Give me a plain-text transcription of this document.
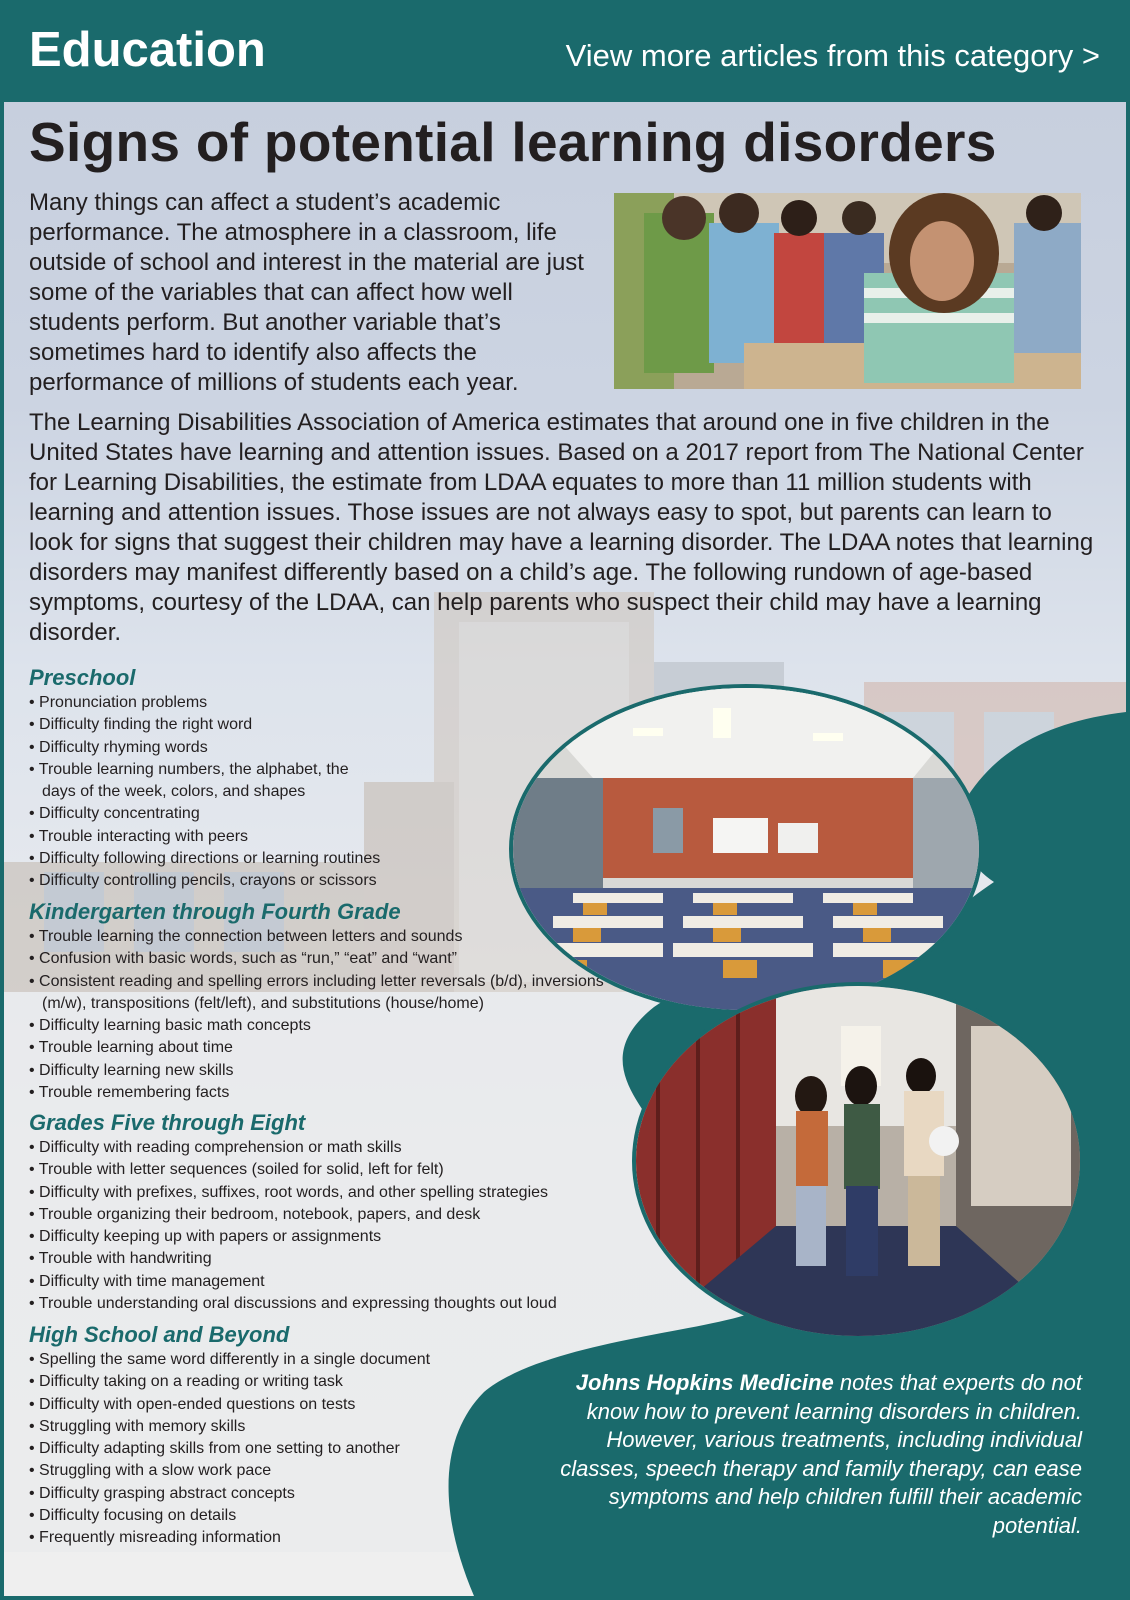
Education	View more articles from this category >
Signs of potential learning disorders

Many things can affect a student’s academic performance. The atmosphere in a classroom, life outside of school and interest in the material are just some of the variables that can affect how well students perform. But another variable that’s sometimes hard to identify also affects the performance of millions of students each year.

The Learning Disabilities Association of America estimates that around one in five children in the United States have learning and attention issues. Based on a 2017 report from The National Center for Learning Disabilities, the estimate from LDAA equates to more than 11 million students with learning and attention issues. Those issues are not always easy to spot, but parents can learn to look for signs that suggest their children may have a learning disorder. The LDAA notes that learning disorders may manifest differently based on a child’s age. The following rundown of age-based symptoms, courtesy of the LDAA, can help parents who suspect their child may have a learning disorder.

Preschool
• Pronunciation problems
• Difficulty finding the right word
• Difficulty rhyming words
• Trouble learning numbers, the alphabet, the days of the week, colors, and shapes
• Difficulty concentrating
• Trouble interacting with peers
• Difficulty following directions or learning routines
• Difficulty controlling pencils, crayons or scissors
Kindergarten through Fourth Grade
• Trouble learning the connection between letters and sounds
• Confusion with basic words, such as “run,” “eat” and “want”
• Consistent reading and spelling errors including letter reversals (b/d), inversions (m/w), transpositions (felt/left), and substitutions (house/home)
• Difficulty learning basic math concepts
• Trouble learning about time
• Difficulty learning new skills
• Trouble remembering facts
Grades Five through Eight
• Difficulty with reading comprehension or math skills
• Trouble with letter sequences (soiled for solid, left for felt)
• Difficulty with prefixes, suffixes, root words, and other spelling strategies
• Trouble organizing their bedroom, notebook, papers, and desk
• Difficulty keeping up with papers or assignments
• Trouble with handwriting
• Difficulty with time management
• Trouble understanding oral discussions and expressing thoughts out loud
High School and Beyond
• Spelling the same word differently in a single document
• Difficulty taking on a reading or writing task
• Difficulty with open-ended questions on tests
• Struggling with memory skills
• Difficulty adapting skills from one setting to another
• Struggling with a slow work pace
• Difficulty grasping abstract concepts
• Difficulty focusing on details
• Frequently misreading information

Johns Hopkins Medicine notes that experts do not know how to prevent learning disorders in children. However, various treatments, including individual classes, speech therapy and family therapy, can ease symptoms and help children fulfill their academic potential.
